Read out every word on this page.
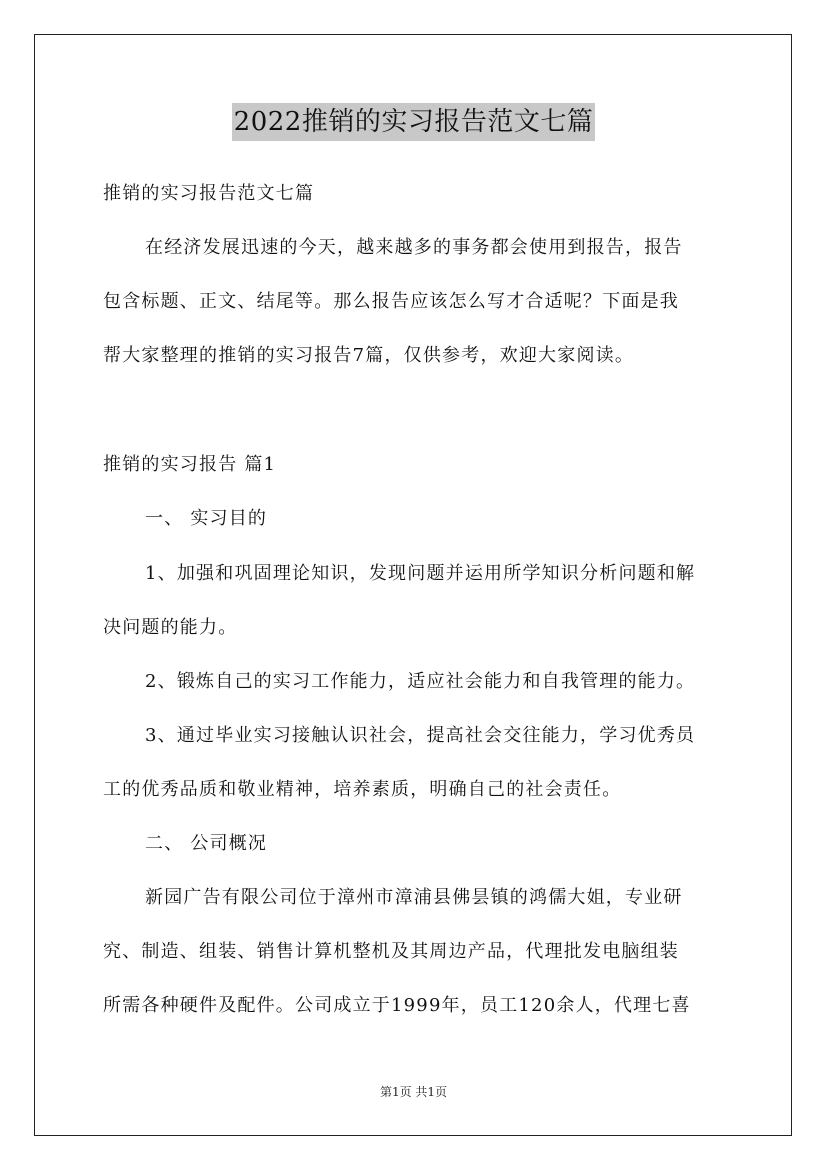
2022推销的实习报告范文七篇
推销的实习报告范文七篇
在经济发展迅速的今天，越来越多的事务都会使用到报告，报告
包含标题、正文、结尾等。那么报告应该怎么写才合适呢？下面是我
帮大家整理的推销的实习报告7篇，仅供参考，欢迎大家阅读。
推销的实习报告 篇1
一、 实习目的
1、加强和巩固理论知识，发现问题并运用所学知识分析问题和解
决问题的能力。
2、锻炼自己的实习工作能力，适应社会能力和自我管理的能力。
3、通过毕业实习接触认识社会，提高社会交往能力，学习优秀员
工的优秀品质和敬业精神，培养素质，明确自己的社会责任。
二、 公司概况
新园广告有限公司位于漳州市漳浦县佛昙镇的鸿儒大姐，专业研
究、制造、组装、销售计算机整机及其周边产品，代理批发电脑组装
所需各种硬件及配件。公司成立于1999年，员工120余人，代理七喜
第1页 共1页
